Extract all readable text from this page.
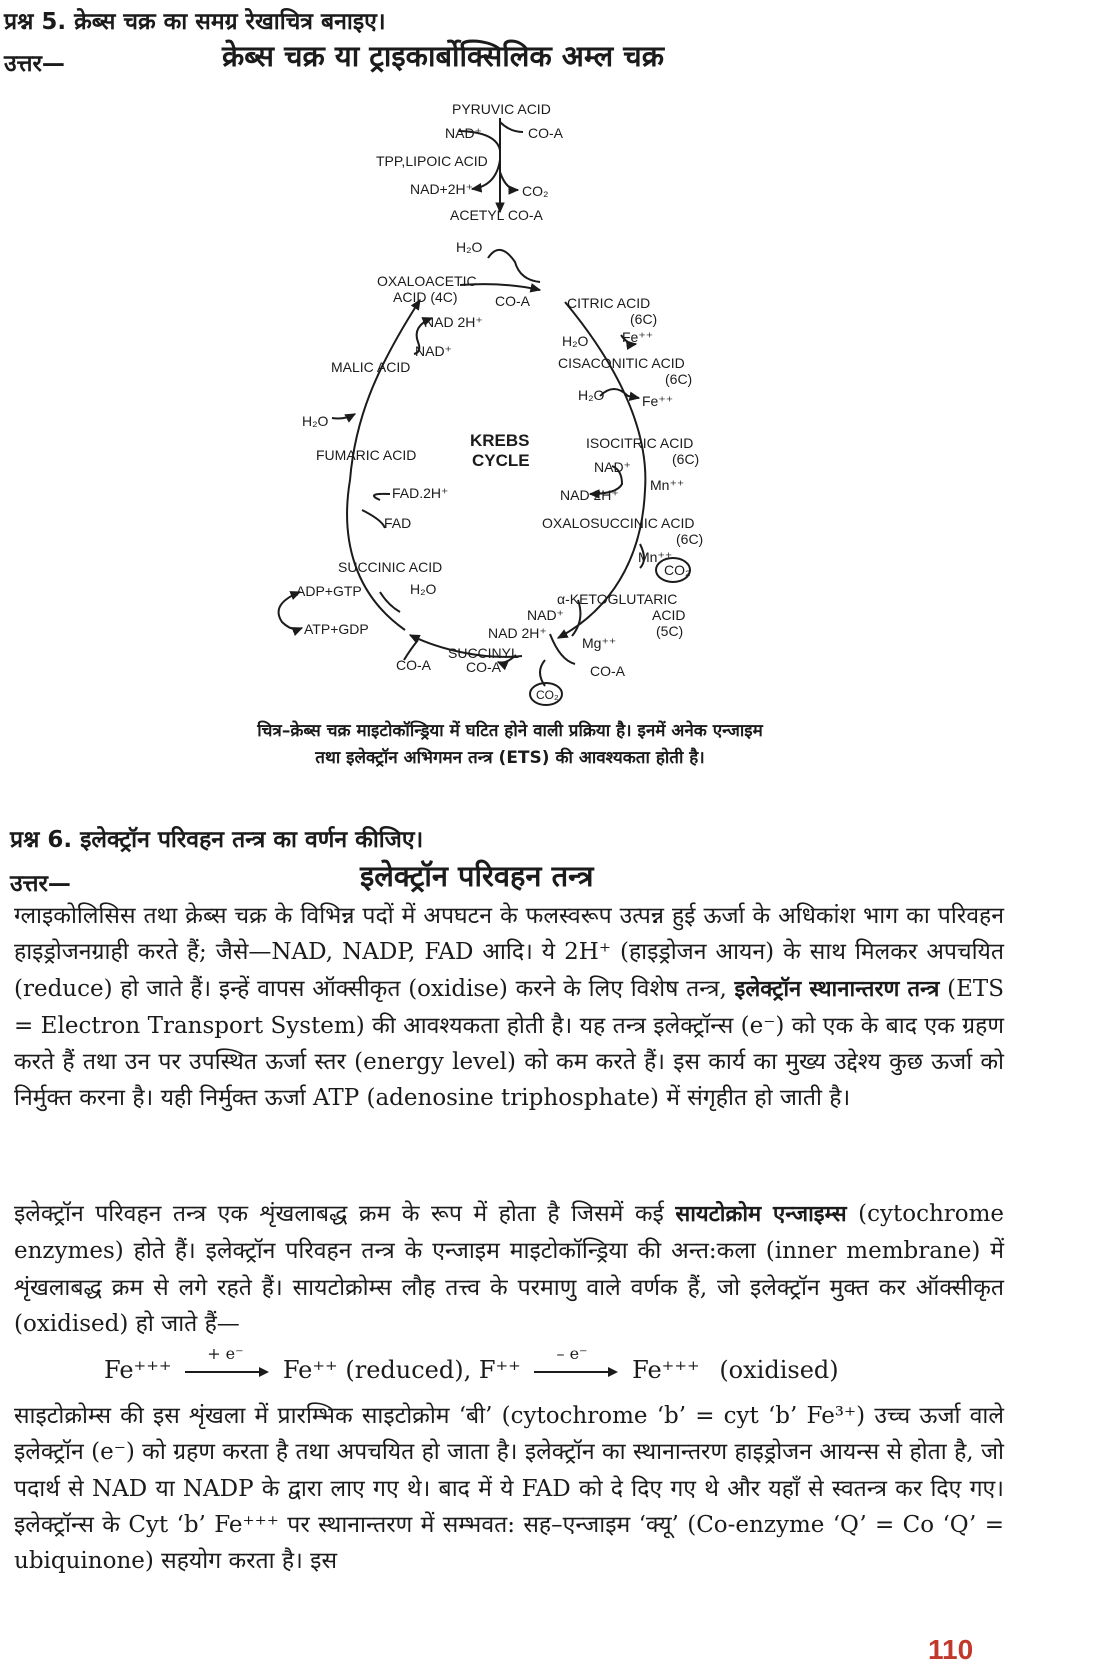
प्रश्न 5. क्रेब्स चक्र का समग्र रेखाचित्र बनाइए।
उत्तर—	क्रेब्स चक्र या ट्राइकार्बोक्सिलिक अम्ल चक्र
PYRUVIC ACID
NAD⁺	CO-A
TPP,LIPOIC ACID
NAD+2H⁺	CO₂
ACETYL CO-A
H₂O
OXALOACETIC
ACID (4C)	CO-A	CITRIC ACID
(6C)
H₂O Fe⁺⁺
NAD 2H⁺
NAD⁺
CISACONITIC ACID
(6C)
MALIC ACID
H₂O	Fe⁺⁺
H₂O
KREBS
CYCLE
ISOCITRIC ACID
(6C)
FUMARIC ACID
NAD⁺
Mn⁺⁺
NAD 2H⁺
FAD.2H⁺
FAD	OXALOSUCCINIC ACID
(6C)
Mn⁺⁺
CO₂
SUCCINIC ACID
ADP+GTP	H₂O
α-KETOGLUTARIC
ACID
(5C)
NAD⁺
ATP+GDP	NAD 2H⁺
Mg⁺⁺
CO-A
SUCCINYL
CO-A	CO-A
CO₂
चित्र–क्रेब्स चक्र माइटोकॉन्ड्रिया में घटित होने वाली प्रक्रिया है। इनमें अनेक एन्जाइम
तथा इलेक्ट्रॉन अभिगमन तन्त्र (ETS) की आवश्यकता होती है।
प्रश्न 6. इलेक्ट्रॉन परिवहन तन्त्र का वर्णन कीजिए।
उत्तर—	इलेक्ट्रॉन परिवहन तन्त्र
ग्लाइकोलिसिस तथा क्रेब्स चक्र के विभिन्न पदों में अपघटन के फलस्वरूप उत्पन्न हुई ऊर्जा के अधिकांश भाग का परिवहन हाइड्रोजनग्राही करते हैं; जैसे—NAD, NADP, FAD आदि। ये 2H⁺ (हाइड्रोजन आयन) के साथ मिलकर अपचयित (reduce) हो जाते हैं। इन्हें वापस ऑक्सीकृत (oxidise) करने के लिए विशेष तन्त्र, इलेक्ट्रॉन स्थानान्तरण तन्त्र (ETS = Electron Transport System) की आवश्यकता होती है। यह तन्त्र इलेक्ट्रॉन्स (e⁻) को एक के बाद एक ग्रहण करते हैं तथा उन पर उपस्थित ऊर्जा स्तर (energy level) को कम करते हैं। इस कार्य का मुख्य उद्देश्य कुछ ऊर्जा को निर्मुक्त करना है। यही निर्मुक्त ऊर्जा ATP (adenosine triphosphate) में संगृहीत हो जाती है।
इलेक्ट्रॉन परिवहन तन्त्र एक शृंखलाबद्ध क्रम के रूप में होता है जिसमें कई सायटोक्रोम एन्जाइम्स (cytochrome enzymes) होते हैं। इलेक्ट्रॉन परिवहन तन्त्र के एन्जाइम माइटोकॉन्ड्रिया की अन्त:कला (inner membrane) में शृंखलाबद्ध क्रम से लगे रहते हैं। सायटोक्रोम्स लौह तत्त्व के परमाणु वाले वर्णक हैं, जो इलेक्ट्रॉन मुक्त कर ऑक्सीकृत (oxidised) हो जाते हैं—
Fe⁺⁺⁺
+ e⁻
Fe⁺⁺ (reduced), F⁺⁺
– e⁻
Fe⁺⁺⁺ (oxidised)
साइटोक्रोम्स की इस शृंखला में प्रारम्भिक साइटोक्रोम ‘बी’ (cytochrome ‘b’ = cyt ‘b’ Fe³⁺) उच्च ऊर्जा वाले इलेक्ट्रॉन (e⁻) को ग्रहण करता है तथा अपचयित हो जाता है। इलेक्ट्रॉन का स्थानान्तरण हाइड्रोजन आयन्स से होता है, जो पदार्थ से NAD या NADP के द्वारा लाए गए थे। बाद में ये FAD को दे दिए गए थे और यहाँ से स्वतन्त्र कर दिए गए। इलेक्ट्रॉन्स के Cyt ‘b’ Fe⁺⁺⁺ पर स्थानान्तरण में सम्भवत: सह–एन्जाइम ‘क्यू’ (Co-enzyme ‘Q’ = Co ‘Q’ = ubiquinone) सहयोग करता है। इस
110
